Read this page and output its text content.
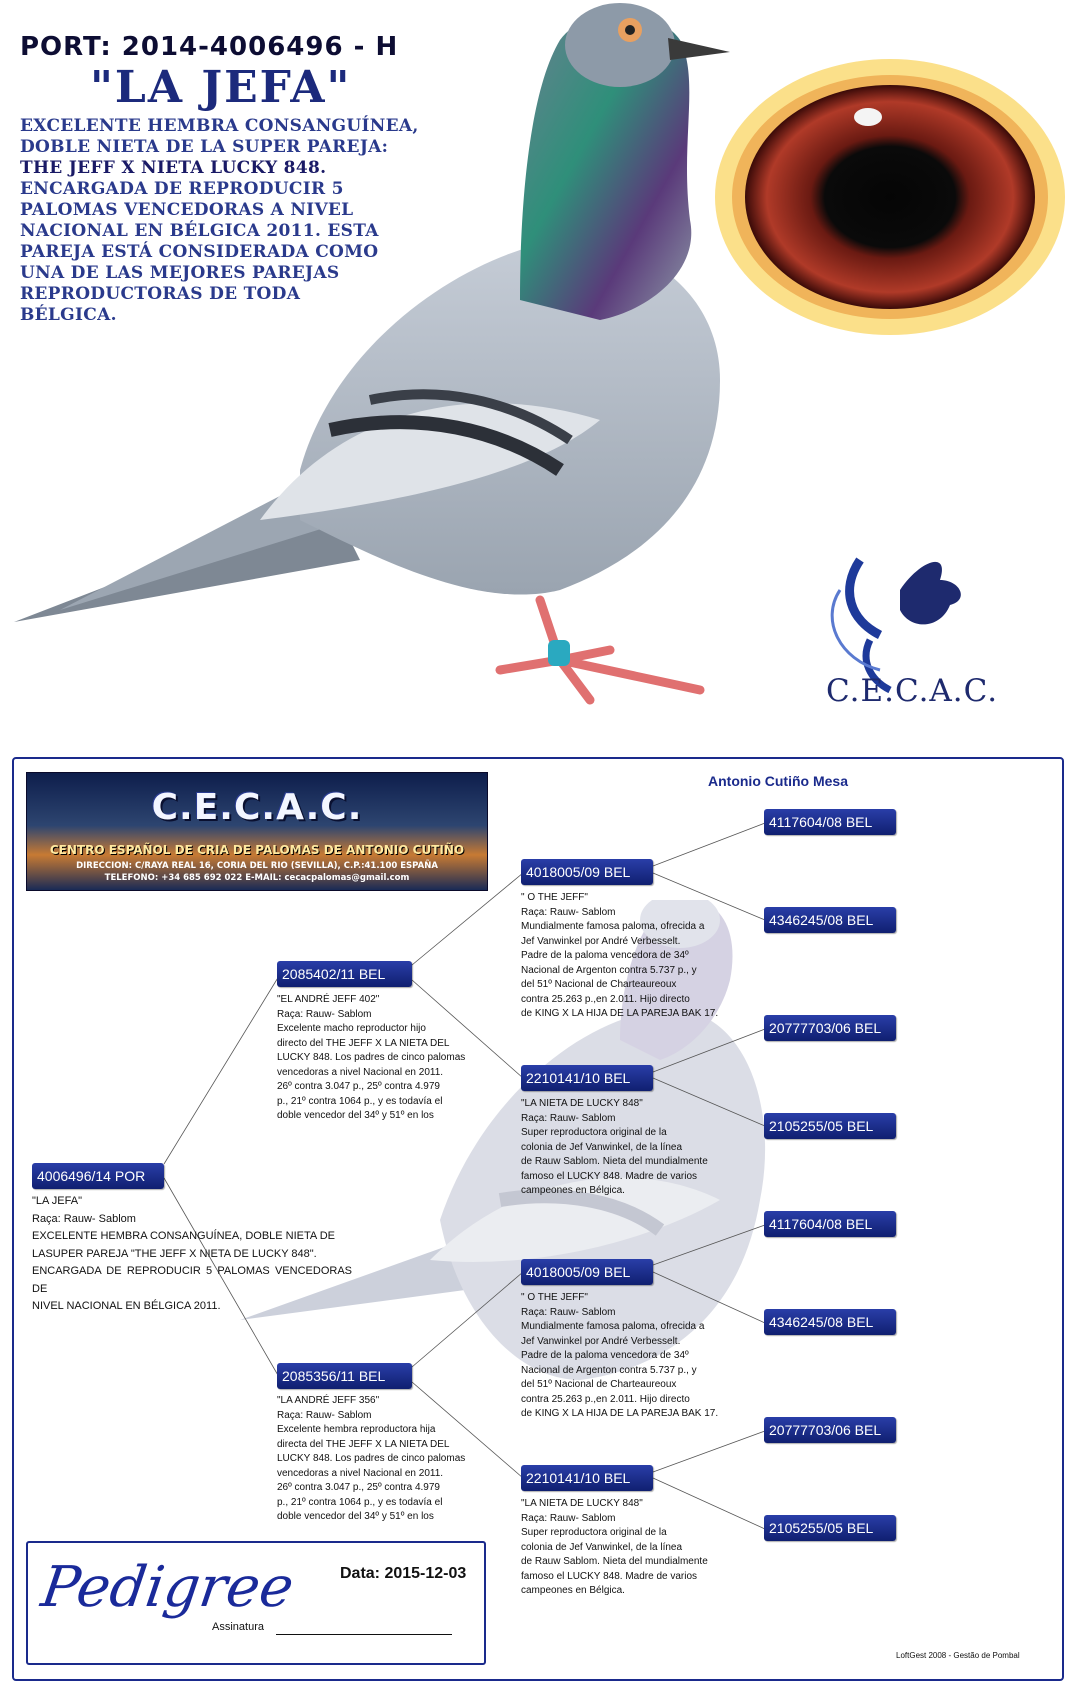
PORT: 2014-4006496 - H
"LA JEFA"
EXCELENTE HEMBRA CONSANGUÍNEA,
DOBLE NIETA DE LA SUPER PAREJA:
THE JEFF X NIETA LUCKY 848.
ENCARGADA DE REPRODUCIR 5
PALOMAS VENCEDORAS A NIVEL
NACIONAL EN BÉLGICA 2011. ESTA
PAREJA ESTÁ CONSIDERADA COMO
UNA DE LAS MEJORES PAREJAS
REPRODUCTORAS DE TODA
BÉLGICA.
C.E.C.A.C.
C.E.C.A.C.
CENTRO ESPAÑOL DE CRIA DE PALOMAS DE ANTONIO CUTIÑO
DIRECCION: C/RAYA REAL 16, CORIA DEL RIO (SEVILLA), C.P.:41.100 ESPAÑA
TELEFONO: +34 685 692 022 E-MAIL: cecacpalomas@gmail.com
Antonio Cutiño Mesa
4006496/14 POR
"LA JEFA"
Raça: Rauw- Sablom
EXCELENTE HEMBRA CONSANGUÍNEA, DOBLE NIETA DE
LASUPER PAREJA "THE JEFF X NIETA DE LUCKY 848".
ENCARGADA DE REPRODUCIR 5 PALOMAS VENCEDORAS DE
NIVEL NACIONAL EN BÉLGICA 2011.
2085402/11 BEL
"EL ANDRÉ JEFF 402"
Raça: Rauw- Sablom
Excelente macho reproductor hijo
directo del THE JEFF X LA NIETA DEL
LUCKY 848. Los padres de cinco palomas
vencedoras a nivel Nacional en 2011.
26º contra 3.047 p., 25º contra 4.979
p., 21º contra 1064 p., y es todavía el
doble vencedor del 34º y 51º en los
2085356/11 BEL
"LA ANDRÉ JEFF 356"
Raça: Rauw- Sablom
Excelente hembra reproductora hija
directa del THE JEFF X LA NIETA DEL
LUCKY 848. Los padres de cinco palomas
vencedoras a nivel Nacional en 2011.
26º contra 3.047 p., 25º contra 4.979
p., 21º contra 1064 p., y es todavía el
doble vencedor del 34º y 51º en los
4018005/09 BEL
" O THE JEFF"
Raça: Rauw- Sablom
Mundialmente famosa paloma, ofrecida a
Jef Vanwinkel por André Verbesselt.
Padre de la paloma vencedora de 34º
Nacional de Argenton contra 5.737 p., y
del 51º Nacional de Charteaureoux
contra 25.263 p.,en 2.011. Hijo directo
de KING X LA HIJA DE LA PAREJA BAK 17.
2210141/10 BEL
"LA NIETA DE LUCKY 848"
Raça: Rauw- Sablom
Super reproductora original de la
colonia de Jef Vanwinkel, de la línea
de Rauw Sablom. Nieta del mundialmente
famoso el LUCKY 848. Madre de varios
campeones en Bélgica.
4018005/09 BEL
" O THE JEFF"
Raça: Rauw- Sablom
Mundialmente famosa paloma, ofrecida a
Jef Vanwinkel por André Verbesselt.
Padre de la paloma vencedora de 34º
Nacional de Argenton contra 5.737 p., y
del 51º Nacional de Charteaureoux
contra 25.263 p.,en 2.011. Hijo directo
de KING X LA HIJA DE LA PAREJA BAK 17.
2210141/10 BEL
"LA NIETA DE LUCKY 848"
Raça: Rauw- Sablom
Super reproductora original de la
colonia de Jef Vanwinkel, de la línea
de Rauw Sablom. Nieta del mundialmente
famoso el LUCKY 848. Madre de varios
campeones en Bélgica.
4117604/08 BEL
4346245/08 BEL
20777703/06 BEL
2105255/05 BEL
4117604/08 BEL
4346245/08 BEL
20777703/06 BEL
2105255/05 BEL
Pedigree	Data: 2015-12-03
Assinatura
LoftGest 2008 - Gestão de Pombal
